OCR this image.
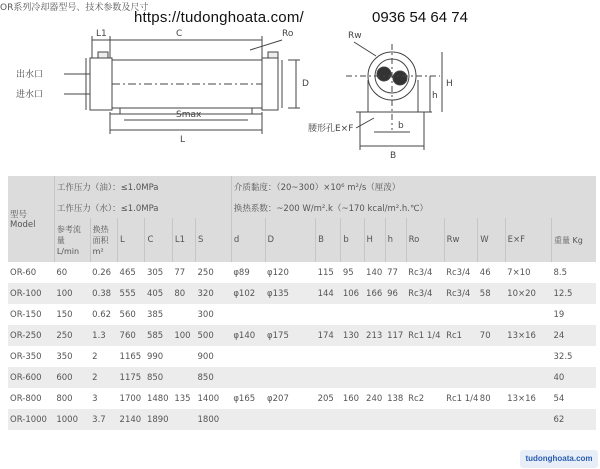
OR系列冷却器型号、技术参数及尺寸
https://tudonghoata.com/	0936 54 64 74
L1	C	Ro	Rw
出水口
进水口
Smax
L
D
h
H
b
B
腰形孔E×F
型号
Model	工作压力（油）：≤1.0MPa						介质黏度：（20~300）×10⁶ m²/s（厘泼）										
	工作压力（水）：≤1.0MPa						换热系数：~200 W/m².k（~170 kcal/m².h.℃）										
	参考流量 L/min	换热面积 m²	L	C	L1	S	d	D	B	b	H	h	Ro	Rw	W	E×F	重量 Kg
OR-60	60	0.26	465	305	77	250	φ89	φ120	115	95	140	77	Rc3/4	Rc3/4	46	7×10	8.5
OR-100	100	0.38	555	405	80	320	φ102	φ135	144	106	166	96	Rc3/4	Rc3/4	58	10×20	12.5
OR-150	150	0.62	560	385		300											19
OR-250	250	1.3	760	585	100	500	φ140	φ175	174	130	213	117	Rc1 1/4	Rc1	70	13×16	24
OR-350	350	2	1165	990		900											32.5
OR-600	600	2	1175	850		850											40
OR-800	800	3	1700	1480	135	1400	φ165	φ207	205	160	240	138	Rc2	Rc1 1/4	80	13×16	54
OR-1000	1000	3.7	2140	1890		1800											62
tudonghoata.com
